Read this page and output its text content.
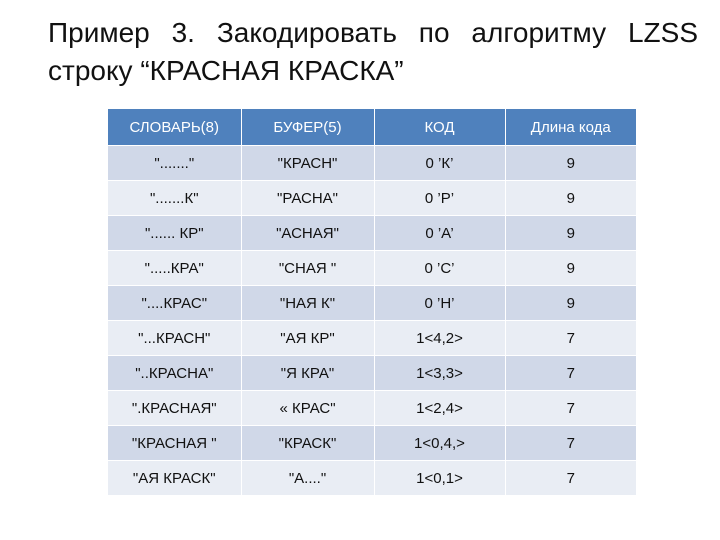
Пример 3. Закодировать по алгоритму LZSS
строку “КРАСНАЯ КРАСКА”
СЛОВАРЬ(8)	БУФЕР(5)	КОД	Длина кода
"......."	"КРАСН"	0 ’К’	9
".......К"	"РАСНА"	0 ’Р’	9
"...... КР"	"АСНАЯ"	0 ’А’	9
".....КРА"	"СНАЯ "	0 ’С’	9
"....КРАС"	"НАЯ К"	0 ’Н’	9
"...КРАСН"	"АЯ КР"	1<4,2>	7
"..КРАСНА"	"Я КРА"	1<3,3>	7
".КРАСНАЯ"	« КРАС"	1<2,4>	7
"КРАСНАЯ "	"КРАСК"	1<0,4,>	7
"АЯ КРАСК"	"А...."	1<0,1>	7
